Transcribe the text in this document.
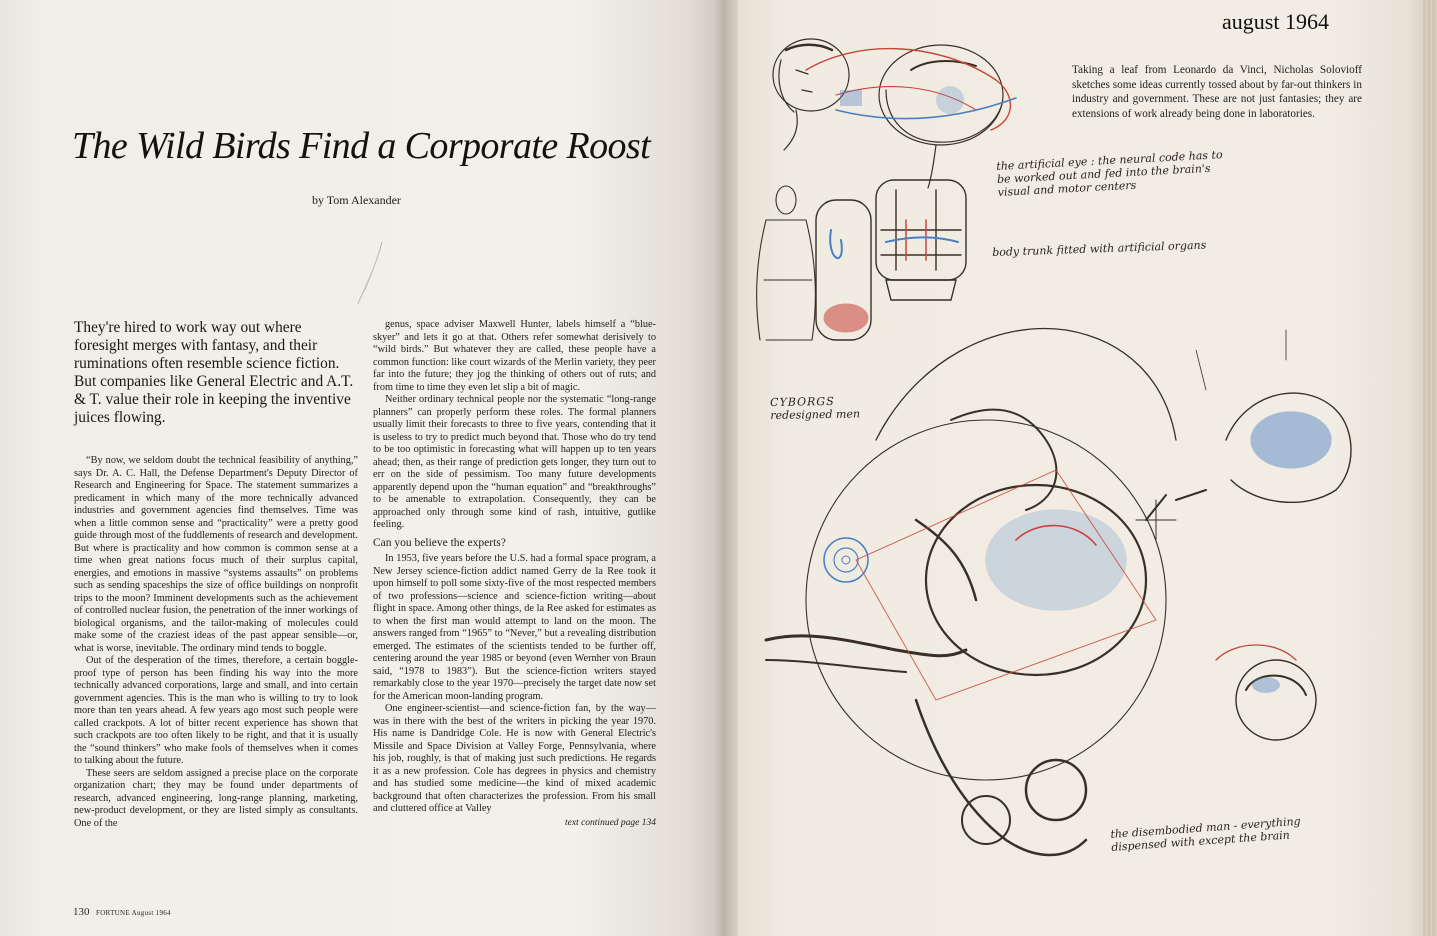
The Wild Birds Find a Corporate Roost
by Tom Alexander
They're hired to work way out where foresight merges with fantasy, and their ruminations often resemble science fiction. But companies like General Electric and A.T. & T. value their role in keeping the inventive juices flowing.

“By now, we seldom doubt the technical feasibility of anything,” says Dr. A. C. Hall, the Defense Department's Deputy Director of Research and Engineering for Space. The statement summarizes a predicament in which many of the more technically advanced industries and government agencies find themselves. Time was when a little common sense and “practicality” were a pretty good guide through most of the fuddlements of research and development. But where is practicality and how common is common sense at a time when great nations focus much of their surplus capital, energies, and emotions in massive “systems assaults” on problems such as sending spaceships the size of office buildings on nonprofit trips to the moon? Imminent developments such as the achievement of controlled nuclear fusion, the penetration of the inner workings of biological organisms, and the tailor-making of molecules could make some of the craziest ideas of the past appear sensible—or, what is worse, inevitable. The ordinary mind tends to boggle.

Out of the desperation of the times, therefore, a certain boggle-proof type of person has been finding his way into the more technically advanced corporations, large and small, and into certain government agencies. This is the man who is willing to try to look more than ten years ahead. A few years ago most such people were called crackpots. A lot of bitter recent experience has shown that such crackpots are too often likely to be right, and that it is usually the “sound thinkers” who make fools of themselves when it comes to talking about the future.

These seers are seldom assigned a precise place on the corporate organization chart; they may be found under departments of research, advanced engineering, long-range planning, marketing, new-product development, or they are listed simply as consultants. One of the

genus, space adviser Maxwell Hunter, labels himself a “blue-skyer” and lets it go at that. Others refer somewhat derisively to “wild birds.” But whatever they are called, these people have a common function: like court wizards of the Merlin variety, they peer far into the future; they jog the thinking of others out of ruts; and from time to time they even let slip a bit of magic.

Neither ordinary technical people nor the systematic “long-range planners” can properly perform these roles. The formal planners usually limit their forecasts to three to five years, contending that it is useless to try to predict much beyond that. Those who do try tend to be too optimistic in forecasting what will happen up to ten years ahead; then, as their range of prediction gets longer, they turn out to err on the side of pessimism. Too many future developments apparently depend upon the “human equation” and “breakthroughs” to be amenable to extrapolation. Consequently, they can be approached only through some kind of rash, intuitive, gutlike feeling.

Can you believe the experts?

In 1953, five years before the U.S. had a formal space program, a New Jersey science-fiction addict named Gerry de la Ree took it upon himself to poll some sixty-five of the most respected members of two professions—science and science-fiction writing—about flight in space. Among other things, de la Ree asked for estimates as to when the first man would attempt to land on the moon. The answers ranged from “1965” to “Never,” but a revealing distribution emerged. The estimates of the scientists tended to be further off, centering around the year 1985 or beyond (even Wernher von Braun said, “1978 to 1983”). But the science-fiction writers stayed remarkably close to the year 1970—precisely the target date now set for the American moon-landing program.

One engineer-scientist—and science-fiction fan, by the way—was in there with the best of the writers in picking the year 1970. His name is Dandridge Cole. He is now with General Electric's Missile and Space Division at Valley Forge, Pennsylvania, where his job, roughly, is that of making just such predictions. He regards it as a new profession. Cole has degrees in physics and chemistry and has studied some medicine—the kind of mixed academic background that often characterizes the profession. From his small and cluttered office at Valley

text continued page 134
130 FORTUNE August 1964
august 1964
Taking a leaf from Leonardo da Vinci, Nicholas Solovioff sketches some ideas currently tossed about by far-out thinkers in industry and government. These are not just fantasies; they are extensions of work already being done in laboratories.
the artificial eye : the neural code has to be worked out and fed into the brain's visual and motor centers
body trunk fitted with artificial organs
CYBORGS
redesigned men
the disembodied man - everything dispensed with except the brain
